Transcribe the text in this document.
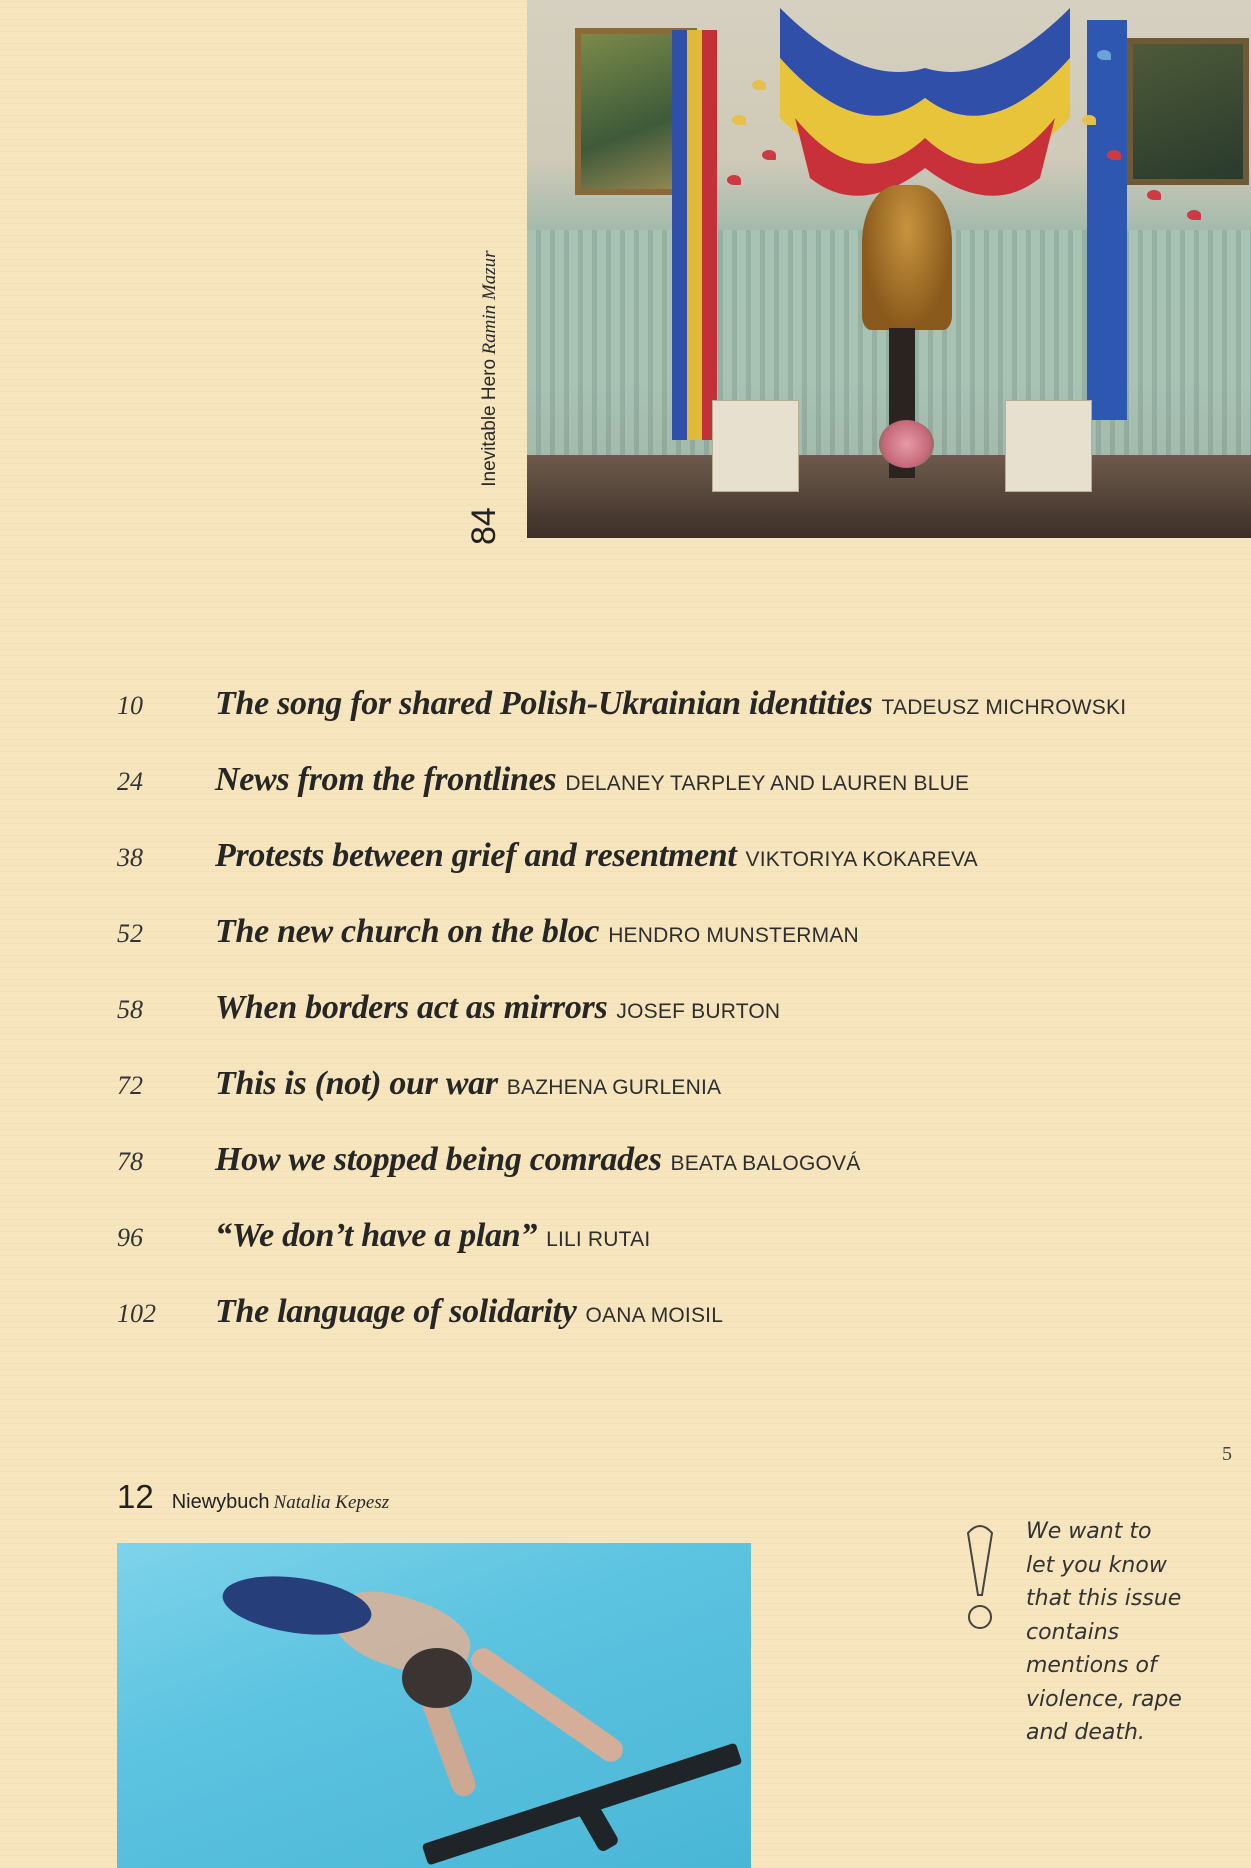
84 Inevitable Hero Ramin Mazur
10	The song for shared Polish-Ukrainian identities TADEUSZ MICHROWSKI
24	News from the frontlines DELANEY TARPLEY AND LAUREN BLUE
38	Protests between grief and resentment VIKTORIYA KOKAREVA
52	The new church on the bloc HENDRO MUNSTERMAN
58	When borders act as mirrors JOSEF BURTON
72	This is (not) our war BAZHENA GURLENIA
78	How we stopped being comrades BEATA BALOGOVÁ
96	“We don’t have a plan” LILI RUTAI
102	The language of solidarity OANA MOISIL
5
12 Niewybuch Natalia Kepesz
We want to
let you know
that this issue
contains
mentions of
violence, rape
and death.
